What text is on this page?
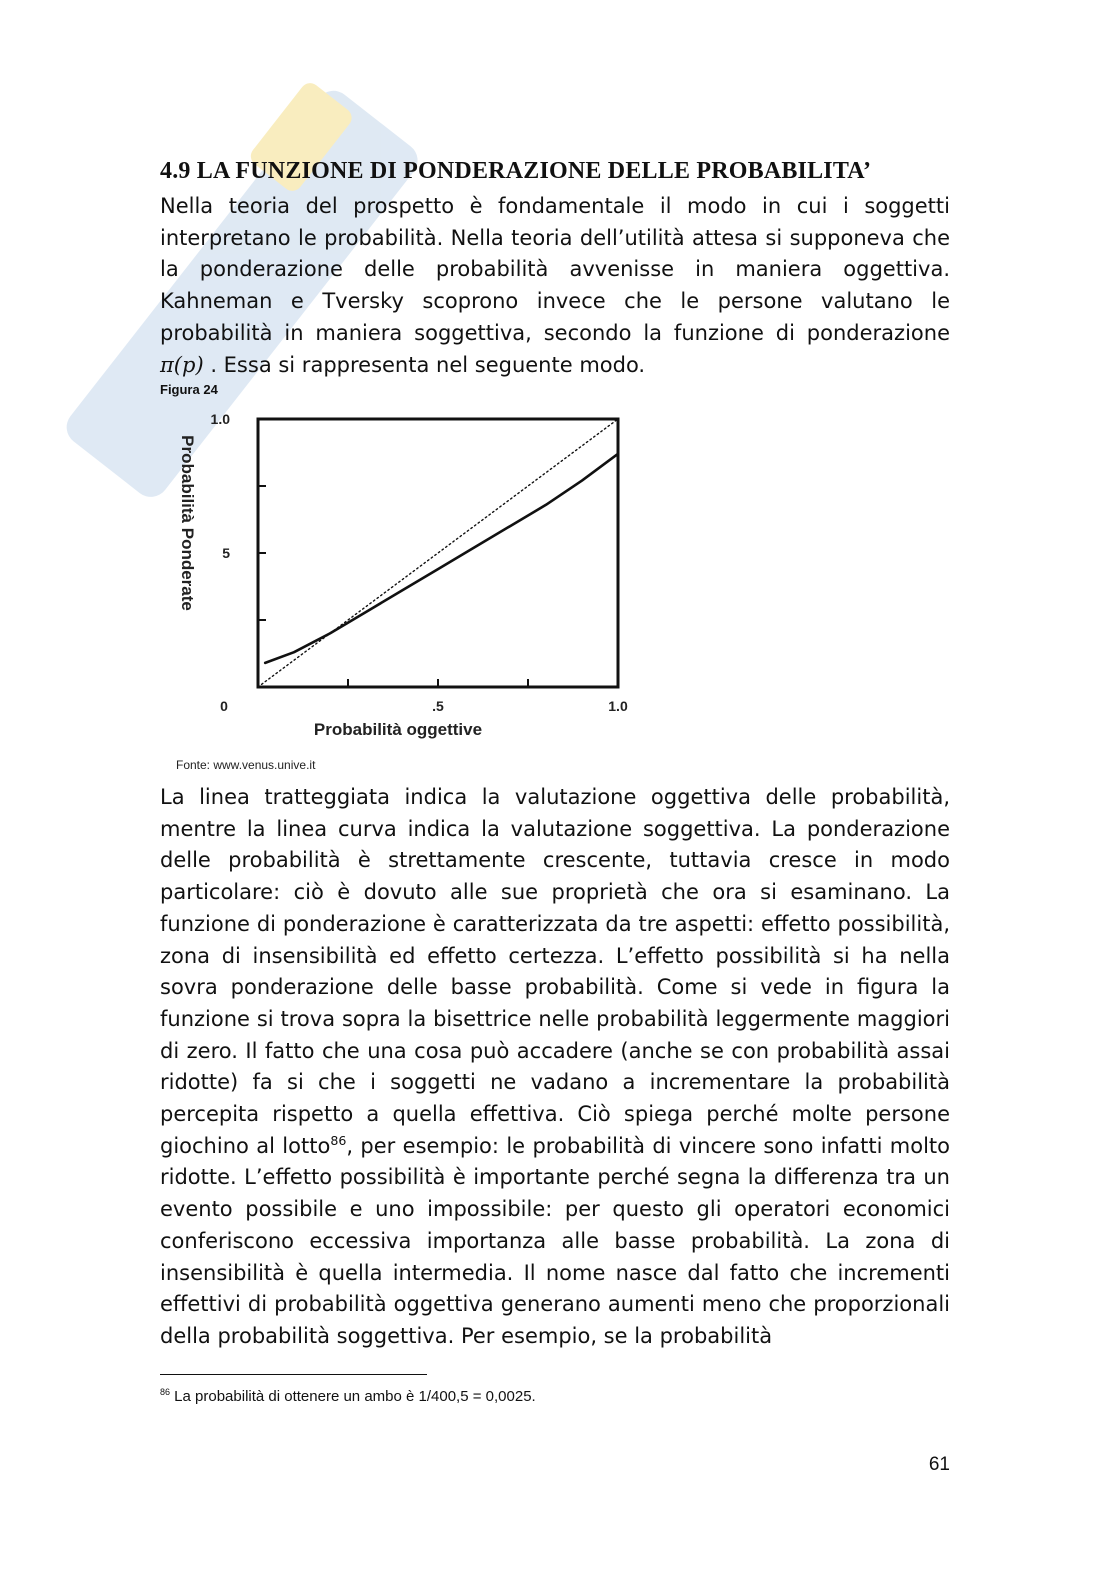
4.9 LA FUNZIONE DI PONDERAZIONE DELLE PROBABILITA’

Nella teoria del prospetto è fondamentale il modo in cui i soggetti interpretano le probabilità. Nella teoria dell’utilità attesa si supponeva che la ponderazione delle probabilità avvenisse in maniera oggettiva. Kahneman e Tversky scoprono invece che le persone valutano le probabilità in maniera soggettiva, secondo la funzione di ponderazione π(p) . Essa si rappresenta nel seguente modo.

Figura 24
0	.5	1.0
1.0
5
Probabilità oggettive
Probabilità Ponderate
Fonte: www.venus.unive.it

La linea tratteggiata indica la valutazione oggettiva delle probabilità, mentre la linea curva indica la valutazione soggettiva. La ponderazione delle probabilità è strettamente crescente, tuttavia cresce in modo particolare: ciò è dovuto alle sue proprietà che ora si esaminano. La funzione di ponderazione è caratterizzata da tre aspetti: effetto possibilità, zona di insensibilità ed effetto certezza. L’effetto possibilità si ha nella sovra ponderazione delle basse probabilità. Come si vede in figura la funzione si trova sopra la bisettrice nelle probabilità leggermente maggiori di zero. Il fatto che una cosa può accadere (anche se con probabilità assai ridotte) fa si che i soggetti ne vadano a incrementare la probabilità percepita rispetto a quella effettiva. Ciò spiega perché molte persone giochino al lotto$^{86}$, per esempio: le probabilità di vincere sono infatti molto ridotte. L’effetto possibilità è importante perché segna la differenza tra un evento possibile e uno impossibile: per questo gli operatori economici conferiscono eccessiva importanza alle basse probabilità. La zona di insensibilità è quella intermedia. Il nome nasce dal fatto che incrementi effettivi di probabilità oggettiva generano aumenti meno che proporzionali della probabilità soggettiva. Per esempio, se la probabilità

$^{86}$ La probabilità di ottenere un ambo è 1/400,5 = 0,0025.
61
